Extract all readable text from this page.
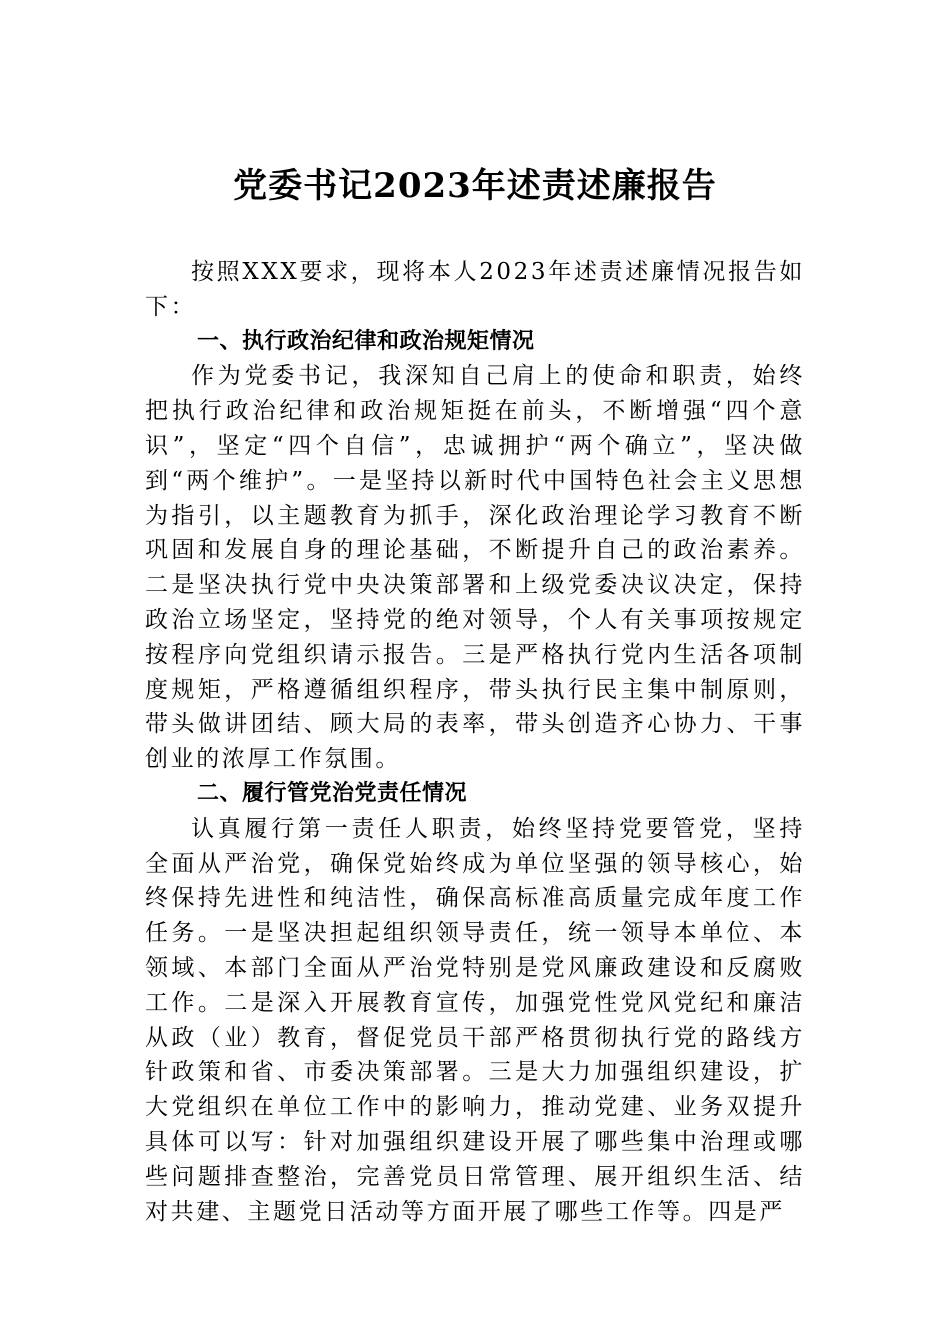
党委书记2023年述责述廉报告

按照XXX要求，现将本人2023年述责述廉情况报告如下：

一、执行政治纪律和政治规矩情况

作为党委书记，我深知自己肩上的使命和职责，始终把执行政治纪律和政治规矩挺在前头，不断增强“四个意识”，坚定“四个自信”，忠诚拥护“两个确立”，坚决做到“两个维护”。一是坚持以新时代中国特色社会主义思想为指引，以主题教育为抓手，深化政治理论学习教育不断巩固和发展自身的理论基础，不断提升自己的政治素养。二是坚决执行党中央决策部署和上级党委决议决定，保持政治立场坚定，坚持党的绝对领导，个人有关事项按规定按程序向党组织请示报告。三是严格执行党内生活各项制度规矩，严格遵循组织程序，带头执行民主集中制原则，带头做讲团结、顾大局的表率，带头创造齐心协力、干事创业的浓厚工作氛围。

二、履行管党治党责任情况

认真履行第一责任人职责，始终坚持党要管党，坚持全面从严治党，确保党始终成为单位坚强的领导核心，始终保持先进性和纯洁性，确保高标准高质量完成年度工作任务。一是坚决担起组织领导责任，统一领导本单位、本领域、本部门全面从严治党特别是党风廉政建设和反腐败工作。二是深入开展教育宣传，加强党性党风党纪和廉洁从政（业）教育，督促党员干部严格贯彻执行党的路线方针政策和省、市委决策部署。三是大力加强组织建设，扩大党组织在单位工作中的影响力，推动党建、业务双提升具体可以写：针对加强组织建设开展了哪些集中治理或哪些问题排查整治，完善党员日常管理、展开组织生活、结对共建、主题党日活动等方面开展了哪些工作等。四是严
